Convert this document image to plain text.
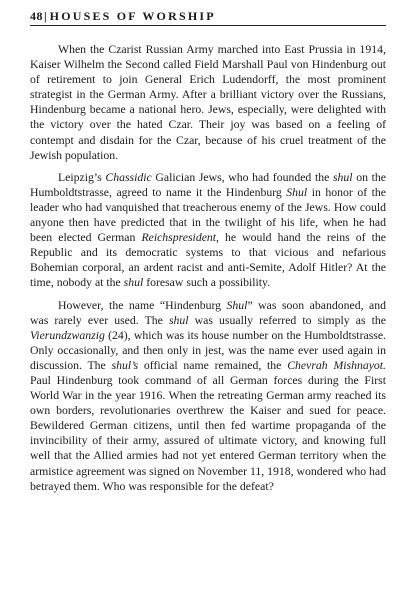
48 | HOUSES OF WORSHIP

When the Czarist Russian Army marched into East Prussia in 1914, Kaiser Wilhelm the Second called Field Marshall Paul von Hindenburg out of retirement to join General Erich Ludendorff, the most prominent strategist in the German Army. After a brilliant victory over the Russians, Hindenburg became a national hero. Jews, especially, were delighted with the victory over the hated Czar. Their joy was based on a feeling of contempt and disdain for the Czar, because of his cruel treatment of the Jewish population.

Leipzig’s Chassidic Galician Jews, who had founded the shul on the Humboldtstrasse, agreed to name it the Hindenburg Shul in honor of the leader who had vanquished that treacherous enemy of the Jews. How could anyone then have predicted that in the twilight of his life, when he had been elected German Reichspresident, he would hand the reins of the Republic and its democratic systems to that vicious and nefarious Bohemian corporal, an ardent racist and anti-Semite, Adolf Hitler? At the time, nobody at the shul foresaw such a possibility.

However, the name “Hindenburg Shul” was soon abandoned, and was rarely ever used. The shul was usually referred to simply as the Vierundzwanzig (24), which was its house number on the Humboldtstrasse. Only occasionally, and then only in jest, was the name ever used again in discussion. The shul’s official name remained, the Chevrah Mishnayot. Paul Hindenburg took command of all German forces during the First World War in the year 1916. When the retreating German army reached its own borders, revolutionaries overthrew the Kaiser and sued for peace. Bewildered German citizens, until then fed wartime propaganda of the invincibility of their army, assured of ultimate victory, and knowing full well that the Allied armies had not yet entered German territory when the armistice agreement was signed on November 11, 1918, wondered who had betrayed them. Who was responsible for the defeat?
